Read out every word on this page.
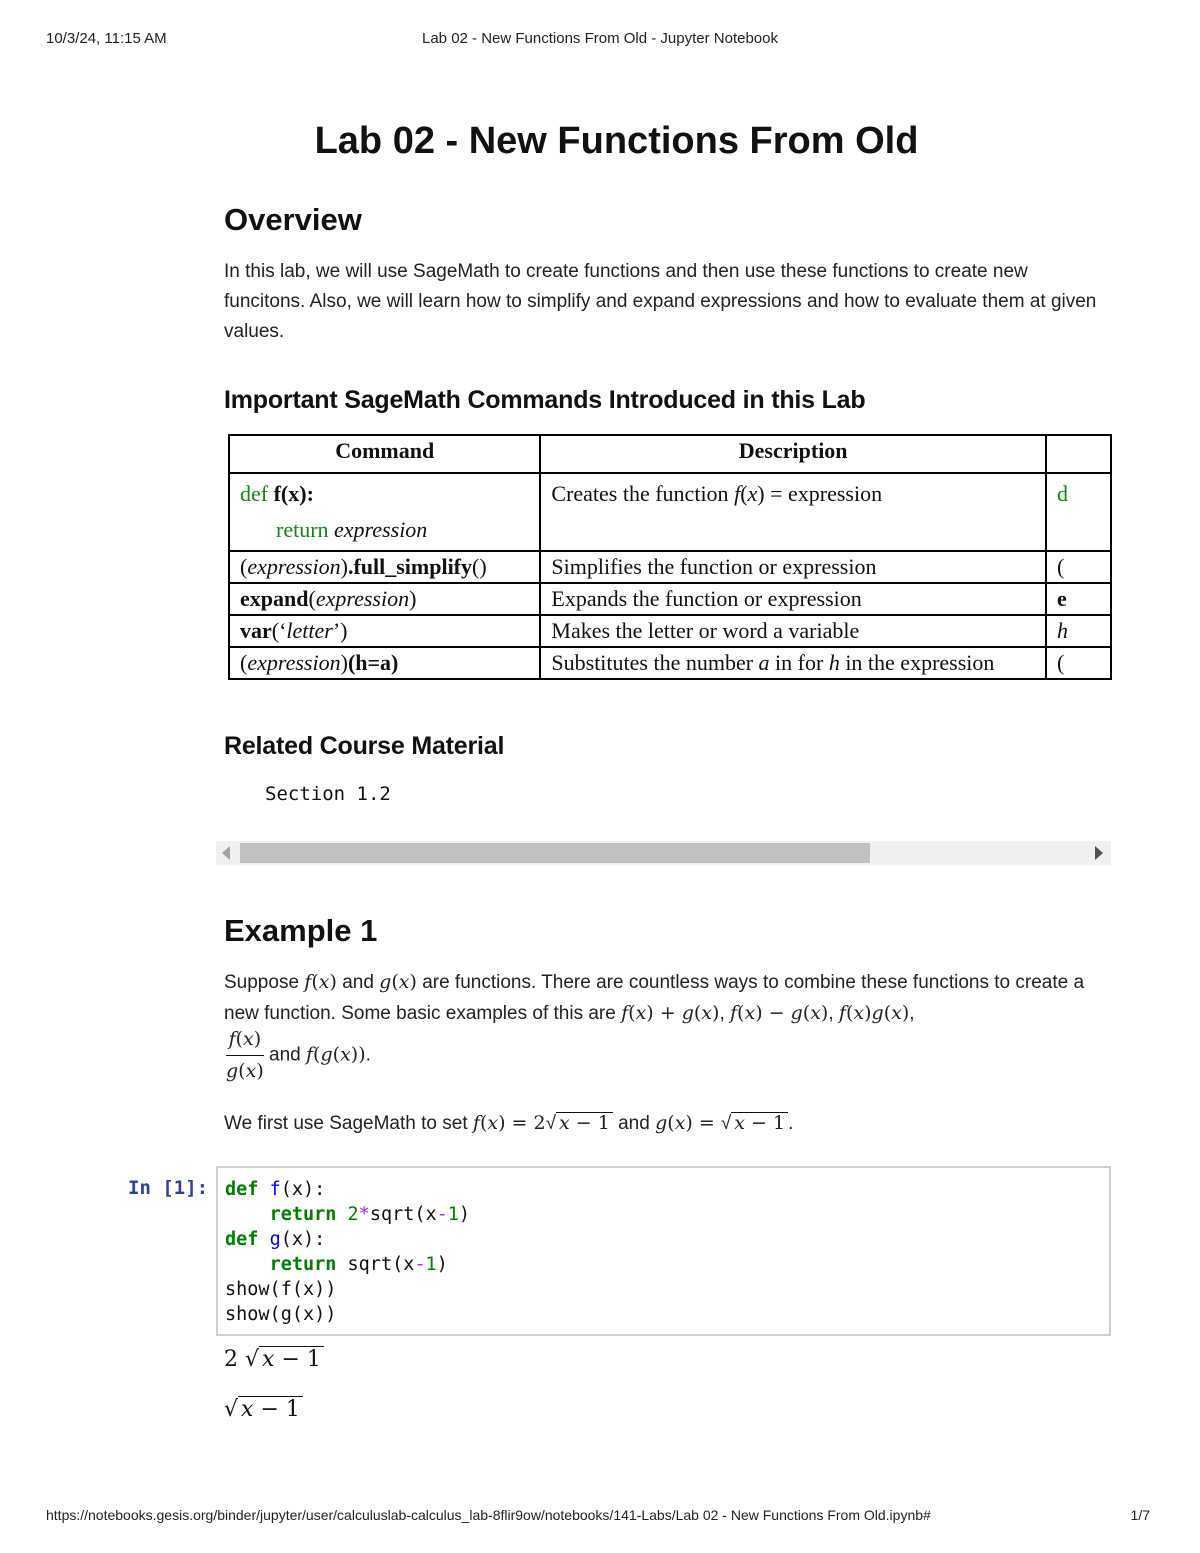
10/3/24, 11:15 AM	Lab 02 - New Functions From Old - Jupyter Notebook
Lab 02 - New Functions From Old
Overview

In this lab, we will use SageMath to create functions and then use these functions to create new funcitons. Also, we will learn how to simplify and expand expressions and how to evaluate them at given values.

Important SageMath Commands Introduced in this Lab
Related Course Material
Example 1

Suppose f(x) and g(x) are functions. There are countless ways to combine these functions to create a new function. Some basic examples of this are f(x) + g(x), f(x) − g(x), f(x)g(x),

$\frac{f(x)}{g(x)}$ and f(g(x)).

We first use SageMath to set f(x) = 2√ x − 1 and g(x) = √ x − 1 .

Command	Description	
def f(x):
return expression	Creates the function f(x) = expression	d
(expression).full_simplify()	Simplifies the function or expression	(
expand(expression)	Expands the function or expression	e
var(‘letter’)	Makes the letter or word a variable	h
(expression)(h=a)	Substitutes the number a in for h in the expression	(
Section 1.2
In [1]: def f(x):
return 2*sqrt(x-1)
def g(x):
return sqrt(x-1)
show(f(x))
show(g(x))
2 √ x − 1
√ x − 1
https://notebooks.gesis.org/binder/jupyter/user/calculuslab-calculus_lab-8flir9ow/notebooks/141-Labs/Lab 02 - New Functions From Old.ipynb#	1/7
